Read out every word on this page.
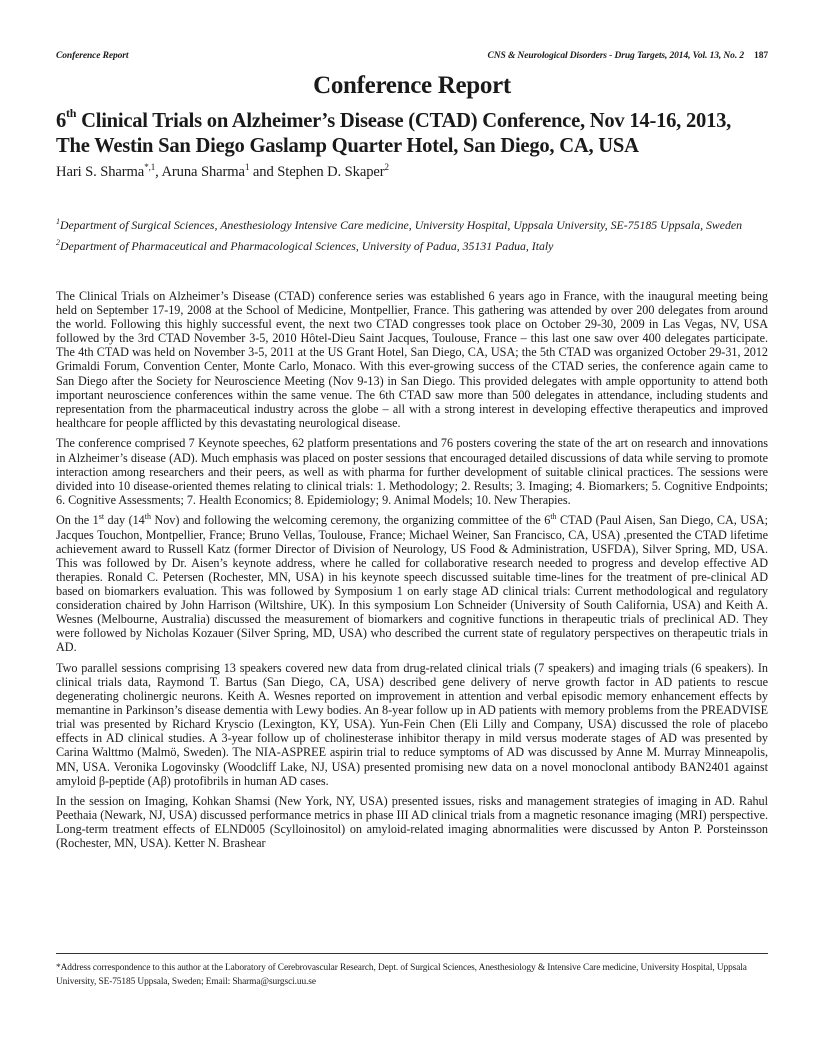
Conference Report	CNS & Neurological Disorders - Drug Targets, 2014, Vol. 13, No. 2 187
Conference Report
6th Clinical Trials on Alzheimer’s Disease (CTAD) Conference, Nov 14-16, 2013, The Westin San Diego Gaslamp Quarter Hotel, San Diego, CA, USA
Hari S. Sharma$^{*,1}$, Aruna Sharma$^1$ and Stephen D. Skaper$^2$

$^1$Department of Surgical Sciences, Anesthesiology Intensive Care medicine, University Hospital, Uppsala University, SE-75185 Uppsala, Sweden

$^2$Department of Pharmaceutical and Pharmacological Sciences, University of Padua, 35131 Padua, Italy

The Clinical Trials on Alzheimer’s Disease (CTAD) conference series was established 6 years ago in France, with the inaugural meeting being held on September 17-19, 2008 at the School of Medicine, Montpellier, France. This gathering was attended by over 200 delegates from around the world. Following this highly successful event, the next two CTAD congresses took place on October 29-30, 2009 in Las Vegas, NV, USA followed by the 3rd CTAD November 3-5, 2010 Hôtel-Dieu Saint Jacques, Toulouse, France – this last one saw over 400 delegates participate. The 4th CTAD was held on November 3-5, 2011 at the US Grant Hotel, San Diego, CA, USA; the 5th CTAD was organized October 29-31, 2012 Grimaldi Forum, Convention Center, Monte Carlo, Monaco. With this ever-growing success of the CTAD series, the conference again came to San Diego after the Society for Neuroscience Meeting (Nov 9-13) in San Diego. This provided delegates with ample opportunity to attend both important neuroscience conferences within the same venue. The 6th CTAD saw more than 500 delegates in attendance, including students and representation from the pharmaceutical industry across the globe – all with a strong interest in developing effective therapeutics and improved healthcare for people afflicted by this devastating neurological disease.

The conference comprised 7 Keynote speeches, 62 platform presentations and 76 posters covering the state of the art on research and innovations in Alzheimer’s disease (AD). Much emphasis was placed on poster sessions that encouraged detailed discussions of data while serving to promote interaction among researchers and their peers, as well as with pharma for further development of suitable clinical practices. The sessions were divided into 10 disease-oriented themes relating to clinical trials: 1. Methodology; 2. Results; 3. Imaging; 4. Biomarkers; 5. Cognitive Endpoints; 6. Cognitive Assessments; 7. Health Economics; 8. Epidemiology; 9. Animal Models; 10. New Therapies.

On the 1st day (14th Nov) and following the welcoming ceremony, the organizing committee of the 6th CTAD (Paul Aisen, San Diego, CA, USA; Jacques Touchon, Montpellier, France; Bruno Vellas, Toulouse, France; Michael Weiner, San Francisco, CA, USA) ,presented the CTAD lifetime achievement award to Russell Katz (former Director of Division of Neurology, US Food & Administration, USFDA), Silver Spring, MD, USA. This was followed by Dr. Aisen’s keynote address, where he called for collaborative research needed to progress and develop effective AD therapies. Ronald C. Petersen (Rochester, MN, USA) in his keynote speech discussed suitable time-lines for the treatment of pre-clinical AD based on biomarkers evaluation. This was followed by Symposium 1 on early stage AD clinical trials: Current methodological and regulatory consideration chaired by John Harrison (Wiltshire, UK). In this symposium Lon Schneider (University of South California, USA) and Keith A. Wesnes (Melbourne, Australia) discussed the measurement of biomarkers and cognitive functions in therapeutic trials of preclinical AD. They were followed by Nicholas Kozauer (Silver Spring, MD, USA) who described the current state of regulatory perspectives on therapeutic trials in AD.

Two parallel sessions comprising 13 speakers covered new data from drug-related clinical trials (7 speakers) and imaging trials (6 speakers). In clinical trials data, Raymond T. Bartus (San Diego, CA, USA) described gene delivery of nerve growth factor in AD patients to rescue degenerating cholinergic neurons. Keith A. Wesnes reported on improvement in attention and verbal episodic memory enhancement effects by memantine in Parkinson’s disease dementia with Lewy bodies. An 8-year follow up in AD patients with memory problems from the PREADVISE trial was presented by Richard Kryscio (Lexington, KY, USA). Yun-Fein Chen (Eli Lilly and Company, USA) discussed the role of placebo effects in AD clinical studies. A 3-year follow up of cholinesterase inhibitor therapy in mild versus moderate stages of AD was presented by Carina Walttmo (Malmö, Sweden). The NIA-ASPREE aspirin trial to reduce symptoms of AD was discussed by Anne M. Murray Minneapolis, MN, USA. Veronika Logovinsky (Woodcliff Lake, NJ, USA) presented promising new data on a novel monoclonal antibody BAN2401 against amyloid β-peptide (Aβ) protofibrils in human AD cases.

In the session on Imaging, Kohkan Shamsi (New York, NY, USA) presented issues, risks and management strategies of imaging in AD. Rahul Peethaia (Newark, NJ, USA) discussed performance metrics in phase III AD clinical trials from a magnetic resonance imaging (MRI) perspective. Long-term treatment effects of ELND005 (Scylloinositol) on amyloid-related imaging abnormalities were discussed by Anton P. Porsteinsson (Rochester, MN, USA). Ketter N. Brashear

*Address correspondence to this author at the Laboratory of Cerebrovascular Research, Dept. of Surgical Sciences, Anesthesiology & Intensive Care medicine, University Hospital, Uppsala University, SE-75185 Uppsala, Sweden; Email: Sharma@surgsci.uu.se
